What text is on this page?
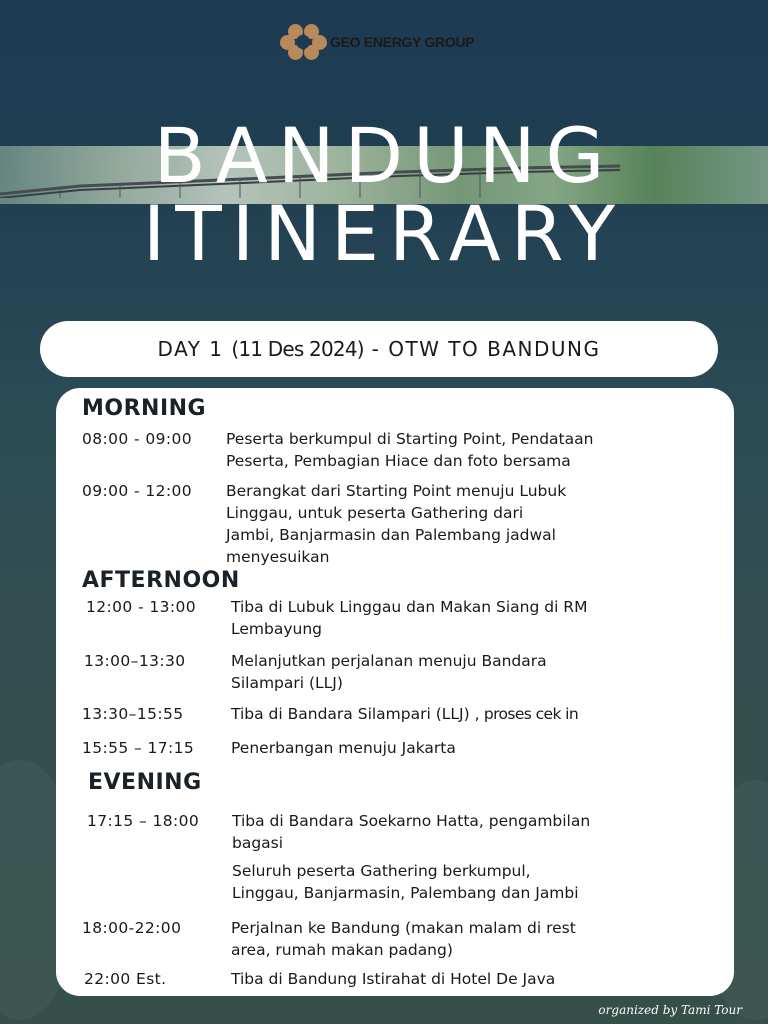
GEO ENERGY GROUP
BANDUNG
ITINERARY
DAY 1 (11 Des 2024) - OTW TO BANDUNG
MORNING
08:00 - 09:00 Peserta berkumpul di Starting Point, Pendataan
Peserta, Pembagian Hiace dan foto bersama
09:00 - 12:00 Berangkat dari Starting Point menuju Lubuk
Linggau, untuk peserta Gathering dari
Jambi, Banjarmasin dan Palembang jadwal
menyesuikan
AFTERNOON
12:00 - 13:00 Tiba di Lubuk Linggau dan Makan Siang di RM
Lembayung
13:00–13:30	Melanjutkan perjalanan menuju Bandara
Silampari (LLJ)
13:30–15:55	Tiba di Bandara Silampari (LLJ) , proses cek in
15:55 – 17:15 Penerbangan menuju Jakarta
EVENING
17:15 – 18:00 Tiba di Bandara Soekarno Hatta, pengambilan
bagasi
Seluruh peserta Gathering berkumpul,
Linggau, Banjarmasin, Palembang dan Jambi
18:00-22:00	Perjalnan ke Bandung (makan malam di rest
area, rumah makan padang)
22:00 Est.	Tiba di Bandung Istirahat di Hotel De Java
organized by Tami Tour
